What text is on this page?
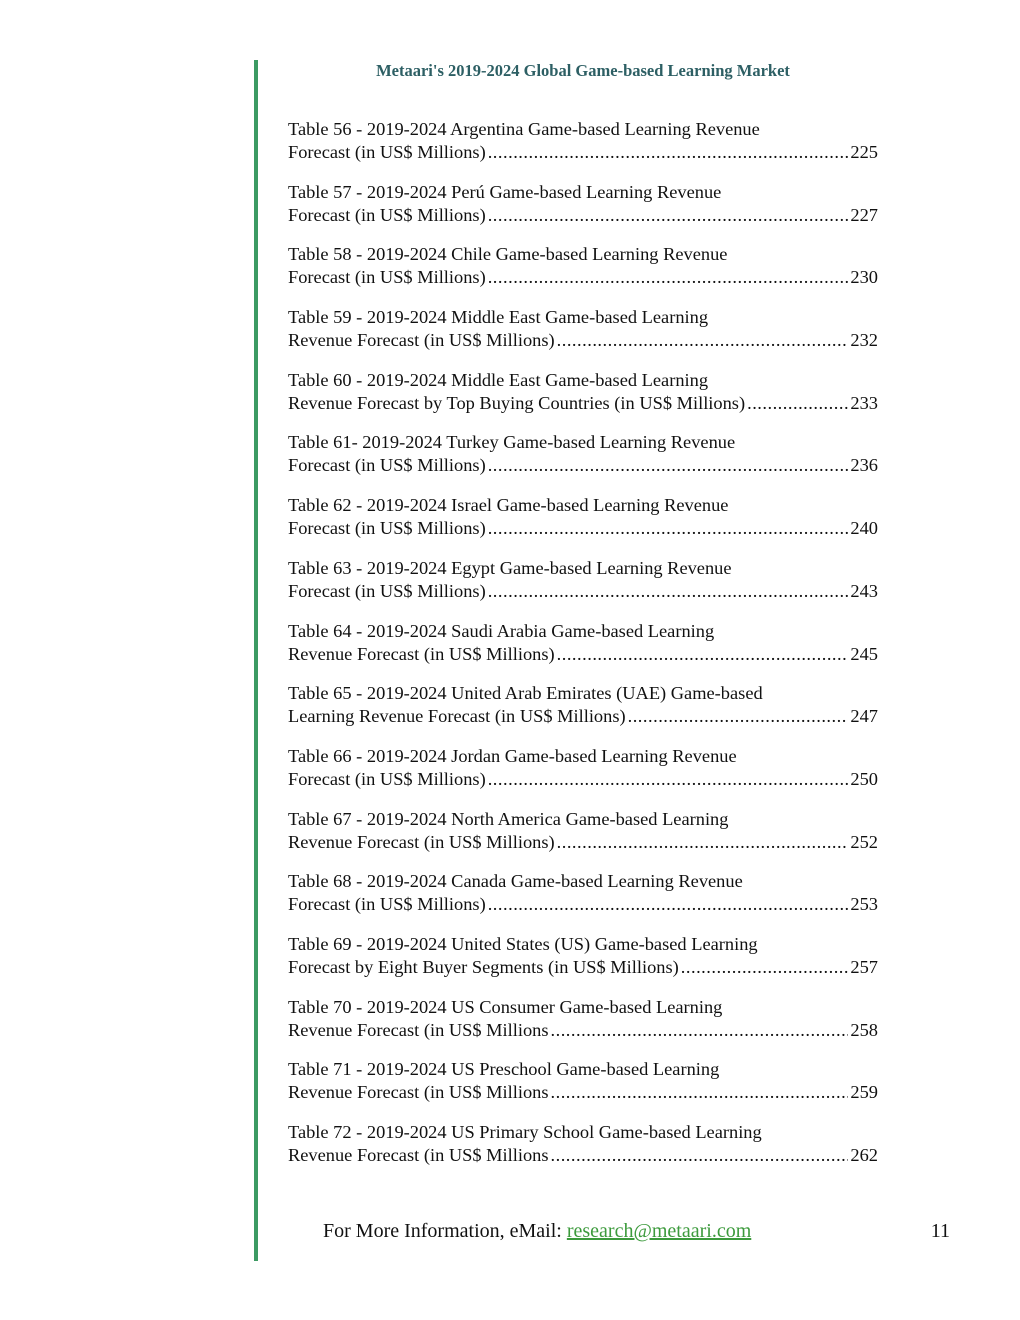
Metaari's 2019-2024 Global Game-based Learning Market
Table 56 - 2019-2024 Argentina Game-based Learning Revenue
Forecast (in US$ Millions) .....	225
Table 57 - 2019-2024 Perú Game-based Learning Revenue
Forecast (in US$ Millions) .....	227
Table 58 - 2019-2024 Chile Game-based Learning Revenue
Forecast (in US$ Millions) .....	230
Table 59 - 2019-2024 Middle East Game-based Learning
Revenue Forecast (in US$ Millions) .....	232
Table 60 - 2019-2024 Middle East Game-based Learning
Revenue Forecast by Top Buying Countries (in US$ Millions) .....	233
Table 61- 2019-2024 Turkey Game-based Learning Revenue
Forecast (in US$ Millions) .....	236
Table 62 - 2019-2024 Israel Game-based Learning Revenue
Forecast (in US$ Millions) .....	240
Table 63 - 2019-2024 Egypt Game-based Learning Revenue
Forecast (in US$ Millions) .....	243
Table 64 - 2019-2024 Saudi Arabia Game-based Learning
Revenue Forecast (in US$ Millions) .....	245
Table 65 - 2019-2024 United Arab Emirates (UAE) Game-based
Learning Revenue Forecast (in US$ Millions) .....	247
Table 66 - 2019-2024 Jordan Game-based Learning Revenue
Forecast (in US$ Millions) .....	250
Table 67 - 2019-2024 North America Game-based Learning
Revenue Forecast (in US$ Millions) .....	252
Table 68 - 2019-2024 Canada Game-based Learning Revenue
Forecast (in US$ Millions) .....	253
Table 69 - 2019-2024 United States (US) Game-based Learning
Forecast by Eight Buyer Segments (in US$ Millions) .....	257
Table 70 - 2019-2024 US Consumer Game-based Learning
Revenue Forecast (in US$ Millions .....	258
Table 71 - 2019-2024 US Preschool Game-based Learning
Revenue Forecast (in US$ Millions .....	259
Table 72 - 2019-2024 US Primary School Game-based Learning
Revenue Forecast (in US$ Millions .....	262
For More Information, eMail: research@metaari.com	11
